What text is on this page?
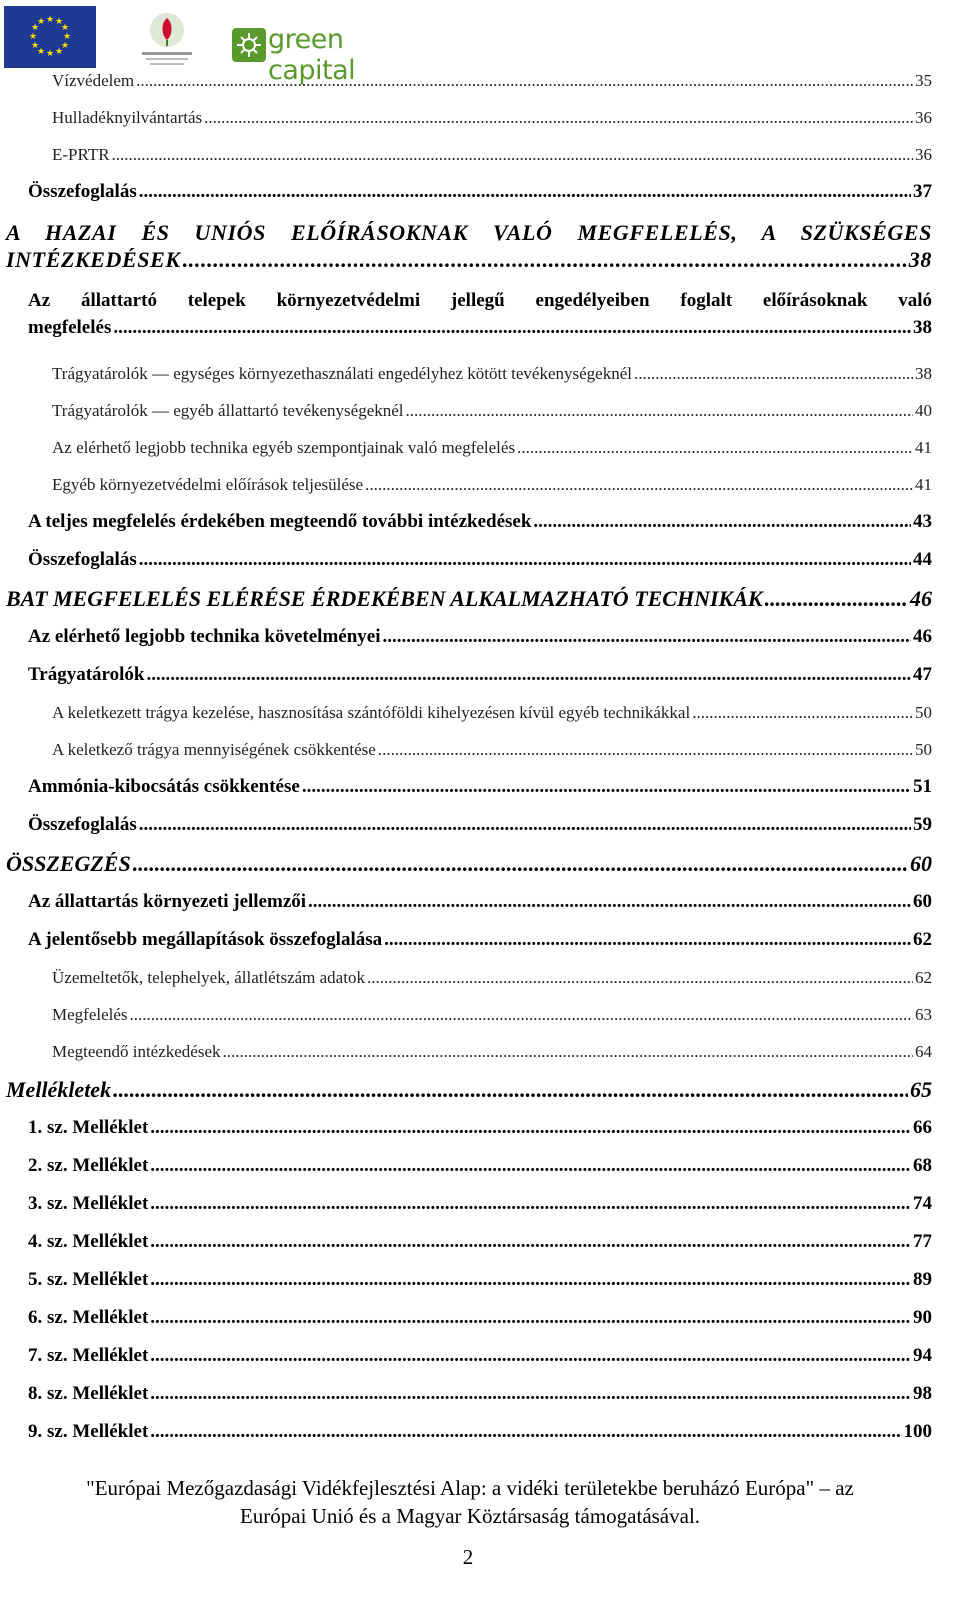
★ ★
★
★
★
★
★
★
★
★
★
★
green capital
Vízvédelem .....	35
Hulladéknyilvántartás .....	36
E-PRTR .....	36
Összefoglalás .....	37
A HAZAI ÉS UNIÓS ELŐÍRÁSOKNAK VALÓ MEGFELELÉS, A SZÜKSÉGES
INTÉZKEDÉSEK .....	38
Az állattartó telepek környezetvédelmi jellegű engedélyeiben foglalt előírásoknak való
megfelelés .....	38
Trágyatárolók — egységes környezethasználati engedélyhez kötött tevékenységeknél .....	38
Trágyatárolók — egyéb állattartó tevékenységeknél .....	40
Az elérhető legjobb technika egyéb szempontjainak való megfelelés .....	41
Egyéb környezetvédelmi előírások teljesülése .....	41
A teljes megfelelés érdekében megteendő további intézkedések .....	43
Összefoglalás .....	44
BAT MEGFELELÉS ELÉRÉSE ÉRDEKÉBEN ALKALMAZHATÓ TECHNIKÁK .....	46
Az elérhető legjobb technika követelményei .....	46
Trágyatárolók .....	47
A keletkezett trágya kezelése, hasznosítása szántóföldi kihelyezésen kívül egyéb technikákkal .....	50
A keletkező trágya mennyiségének csökkentése .....	50
Ammónia-kibocsátás csökkentése .....	51
Összefoglalás .....	59
ÖSSZEGZÉS .....	60
Az állattartás környezeti jellemzői .....	60
A jelentősebb megállapítások összefoglalása .....	62
Üzemeltetők, telephelyek, állatlétszám adatok .....	62
Megfelelés .....	63
Megteendő intézkedések .....	64
Mellékletek .....	65
1. sz. Melléklet .....	66
2. sz. Melléklet .....	68
3. sz. Melléklet .....	74
4. sz. Melléklet .....	77
5. sz. Melléklet .....	89
6. sz. Melléklet .....	90
7. sz. Melléklet .....	94
8. sz. Melléklet .....	98
9. sz. Melléklet .....	100
"Európai Mezőgazdasági Vidékfejlesztési Alap: a vidéki területekbe beruházó Európa" – az
Európai Unió és a Magyar Köztársaság támogatásával.
2
